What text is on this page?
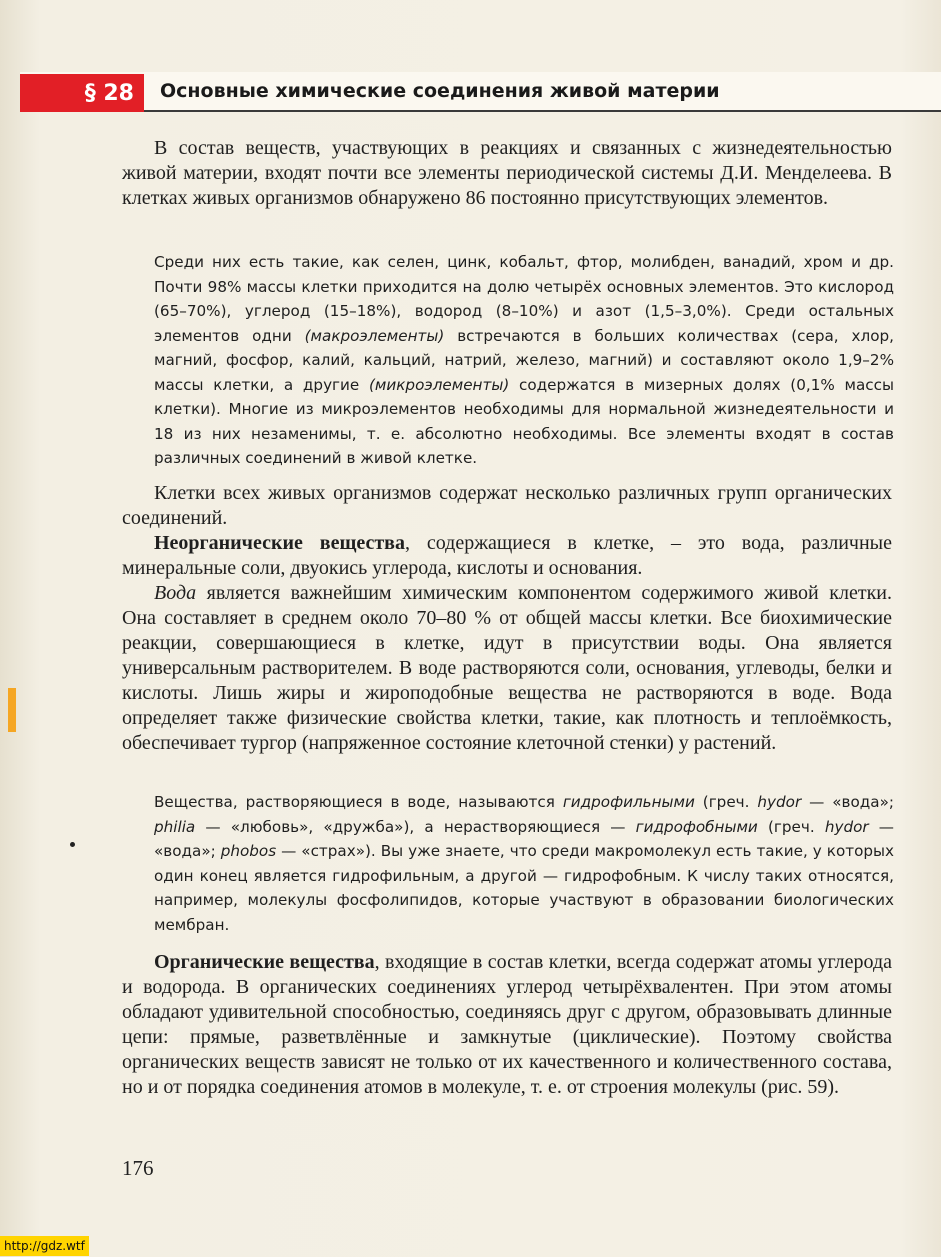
§ 28 Основные химические соединения живой материи

В состав веществ, участвующих в реакциях и связанных с жизнедеятельностью живой материи, входят почти все элементы периодической системы Д.И. Менделеева. В клетках живых организмов обнаружено 86 постоянно присутствующих элементов.

Среди них есть такие, как селен, цинк, кобальт, фтор, молибден, ванадий, хром и др. Почти 98% массы клетки приходится на долю четырёх основных элементов. Это кислород (65–70%), углерод (15–18%), водород (8–10%) и азот (1,5–3,0%). Среди остальных элементов одни (макроэлементы) встречаются в больших количествах (сера, хлор, магний, фосфор, калий, кальций, натрий, железо, магний) и составляют около 1,9–2% массы клетки, а другие (микроэлементы) содержатся в мизерных долях (0,1% массы клетки). Многие из микроэлементов необходимы для нормальной жизнедеятельности и 18 из них незаменимы, т. е. абсолютно необходимы. Все элементы входят в состав различных соединений в живой клетке.

Клетки всех живых организмов содержат несколько различных групп органических соединений.

Неорганические вещества, содержащиеся в клетке, – это вода, различные минеральные соли, двуокись углерода, кислоты и основания.

Вода является важнейшим химическим компонентом содержимого живой клетки. Она составляет в среднем около 70–80 % от общей массы клетки. Все биохимические реакции, совершающиеся в клетке, идут в присутствии воды. Она является универсальным растворителем. В воде растворяются соли, основания, углеводы, белки и кислоты. Лишь жиры и жироподобные вещества не растворяются в воде. Вода определяет также физические свойства клетки, такие, как плотность и теплоёмкость, обеспечивает тургор (напряженное состояние клеточной стенки) у растений.

Вещества, растворяющиеся в воде, называются гидрофильными (греч. hydor — «вода»; philia — «любовь», «дружба»), а нерастворяющиеся — гидрофобными (греч. hydor — «вода»; phobos — «страх»). Вы уже знаете, что среди макромолекул есть такие, у которых один конец является гидрофильным, а другой — гидрофобным. К числу таких относятся, например, молекулы фосфолипидов, которые участвуют в образовании биологических мембран.

Органические вещества, входящие в состав клетки, всегда содержат атомы углерода и водорода. В органических соединениях углерод четырёхвалентен. При этом атомы обладают удивительной способностью, соединяясь друг с другом, образовывать длинные цепи: прямые, разветвлённые и замкнутые (циклические). Поэтому свойства органических веществ зависят не только от их качественного и количественного состава, но и от порядка соединения атомов в молекуле, т. е. от строения молекулы (рис. 59).

176
http://gdz.wtf
